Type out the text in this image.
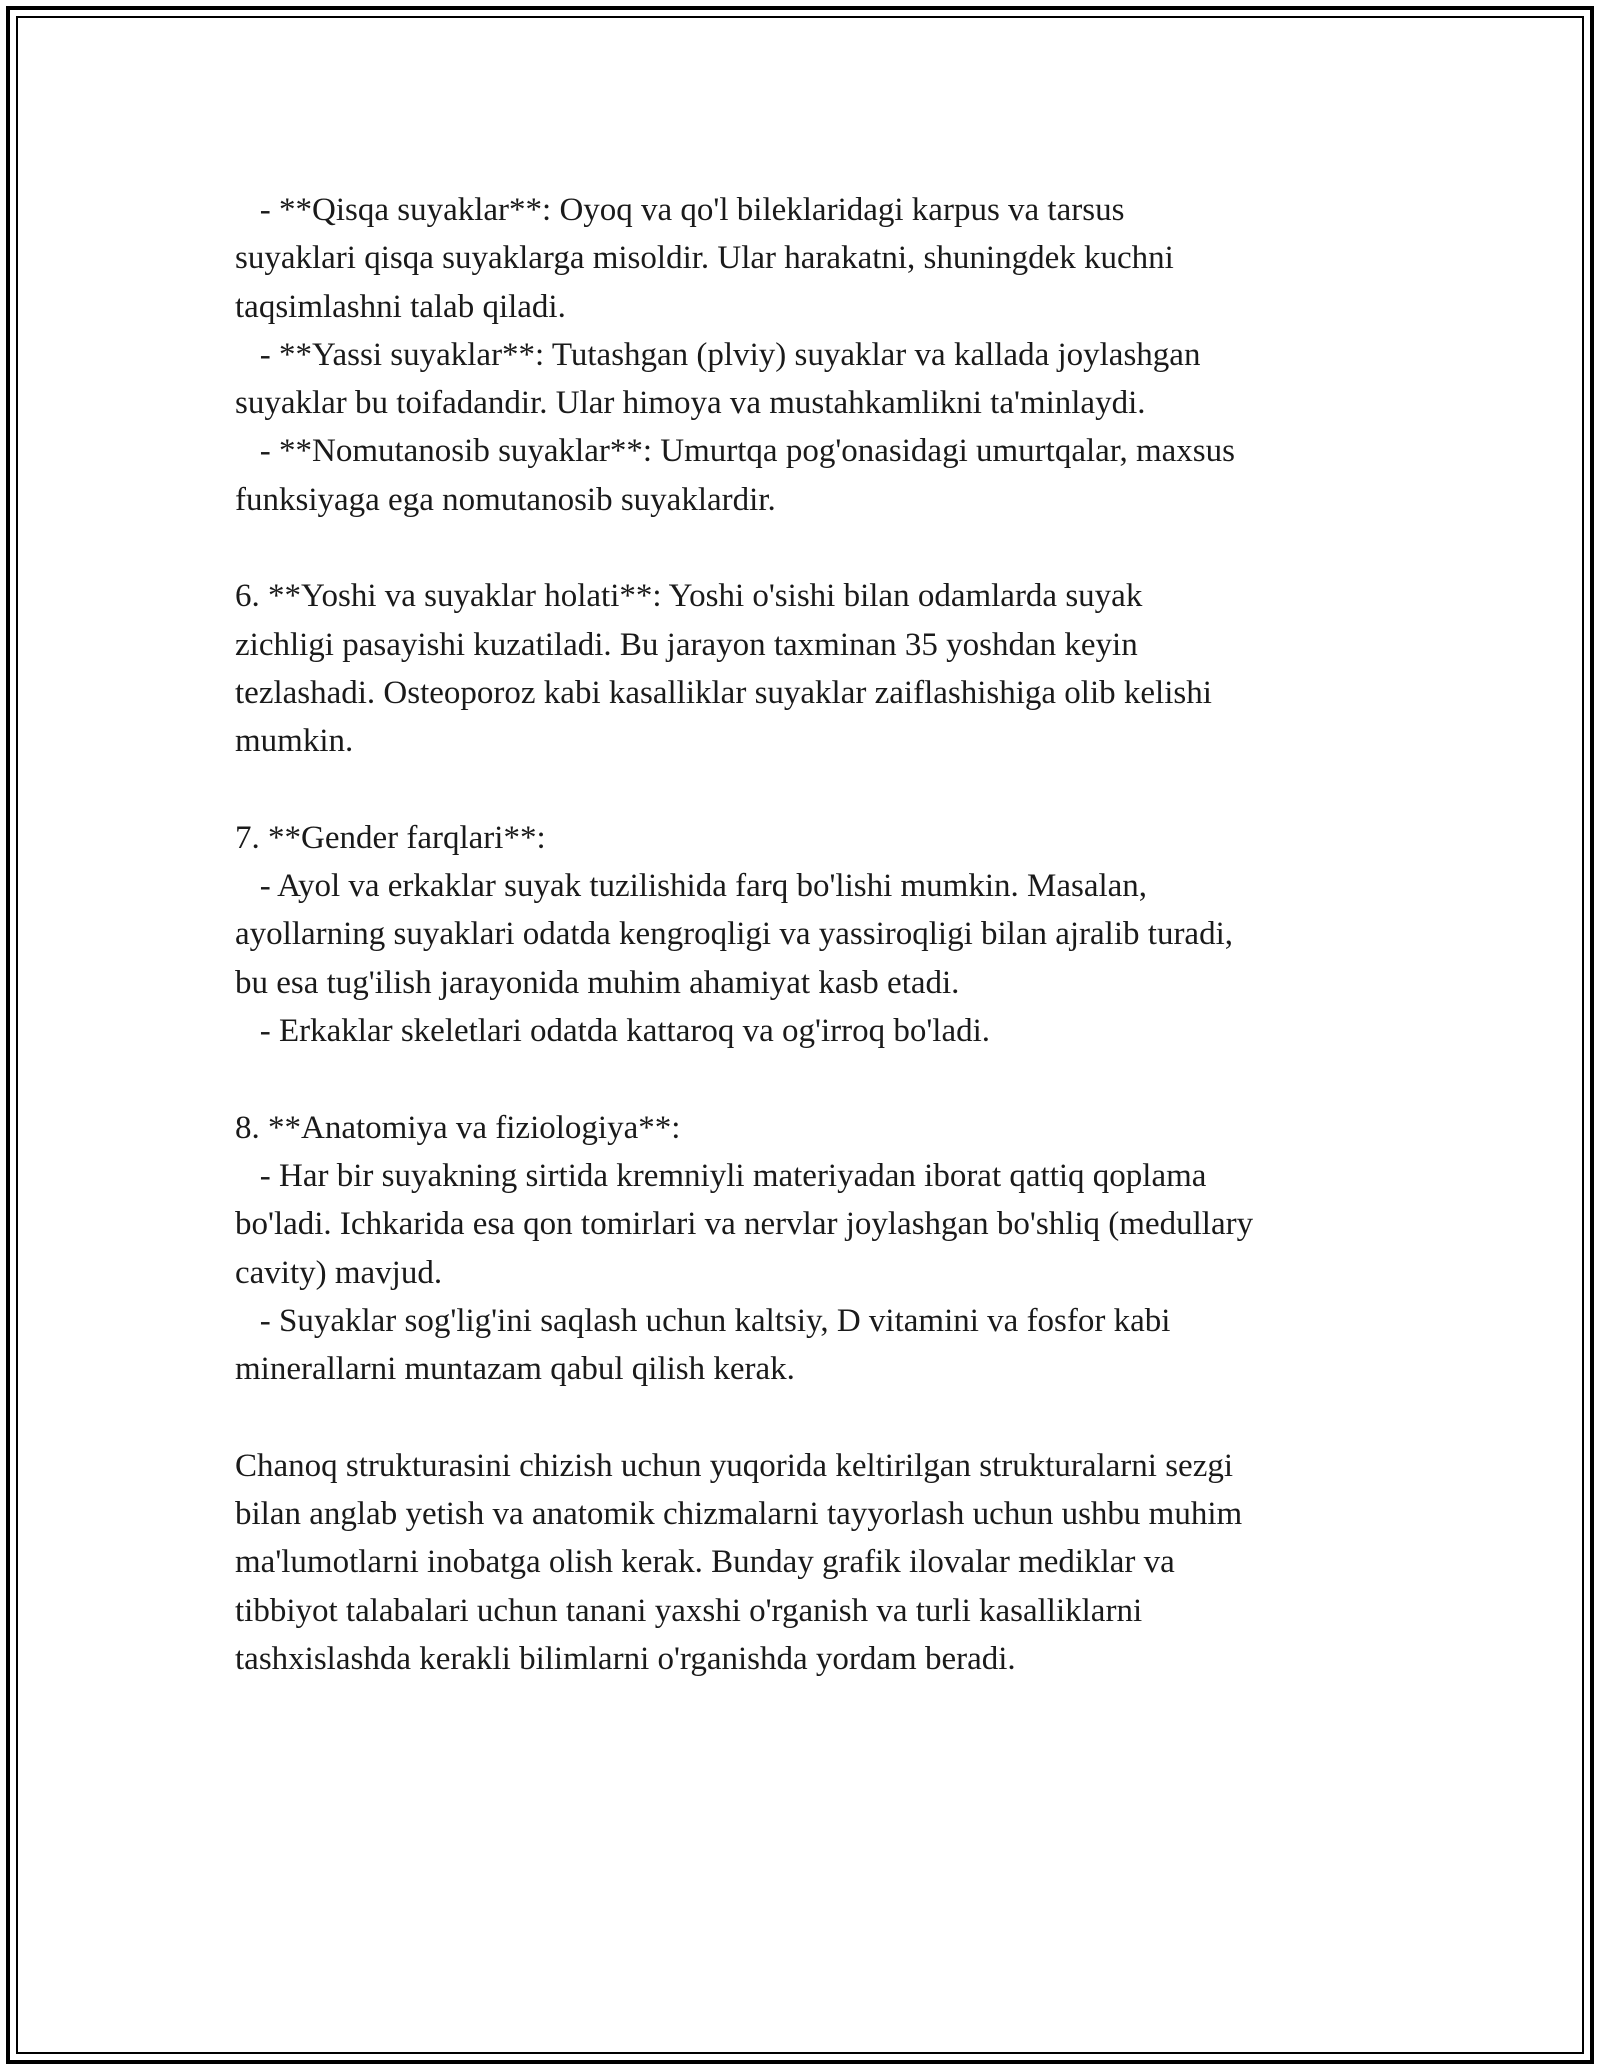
- **Qisqa suyaklar**: Oyoq va qo'l bileklaridagi karpus va tarsus
suyaklari qisqa suyaklarga misoldir. Ular harakatni, shuningdek kuchni
taqsimlashni talab qiladi.
- **Yassi suyaklar**: Tutashgan (plviy) suyaklar va kallada joylashgan
suyaklar bu toifadandir. Ular himoya va mustahkamlikni ta'minlaydi.
- **Nomutanosib suyaklar**: Umurtqa pog'onasidagi umurtqalar, maxsus
funksiyaga ega nomutanosib suyaklardir.
6. **Yoshi va suyaklar holati**: Yoshi o'sishi bilan odamlarda suyak
zichligi pasayishi kuzatiladi. Bu jarayon taxminan 35 yoshdan keyin
tezlashadi. Osteoporoz kabi kasalliklar suyaklar zaiflashishiga olib kelishi
mumkin.
7. **Gender farqlari**:
- Ayol va erkaklar suyak tuzilishida farq bo'lishi mumkin. Masalan,
ayollarning suyaklari odatda kengroqligi va yassiroqligi bilan ajralib turadi,
bu esa tug'ilish jarayonida muhim ahamiyat kasb etadi.
- Erkaklar skeletlari odatda kattaroq va og'irroq bo'ladi.
8. **Anatomiya va fiziologiya**:
- Har bir suyakning sirtida kremniyli materiyadan iborat qattiq qoplama
bo'ladi. Ichkarida esa qon tomirlari va nervlar joylashgan bo'shliq (medullary
cavity) mavjud.
- Suyaklar sog'lig'ini saqlash uchun kaltsiy, D vitamini va fosfor kabi
minerallarni muntazam qabul qilish kerak.
Chanoq strukturasini chizish uchun yuqorida keltirilgan strukturalarni sezgi
bilan anglab yetish va anatomik chizmalarni tayyorlash uchun ushbu muhim
ma'lumotlarni inobatga olish kerak. Bunday grafik ilovalar mediklar va
tibbiyot talabalari uchun tanani yaxshi o'rganish va turli kasalliklarni
tashxislashda kerakli bilimlarni o'rganishda yordam beradi.
